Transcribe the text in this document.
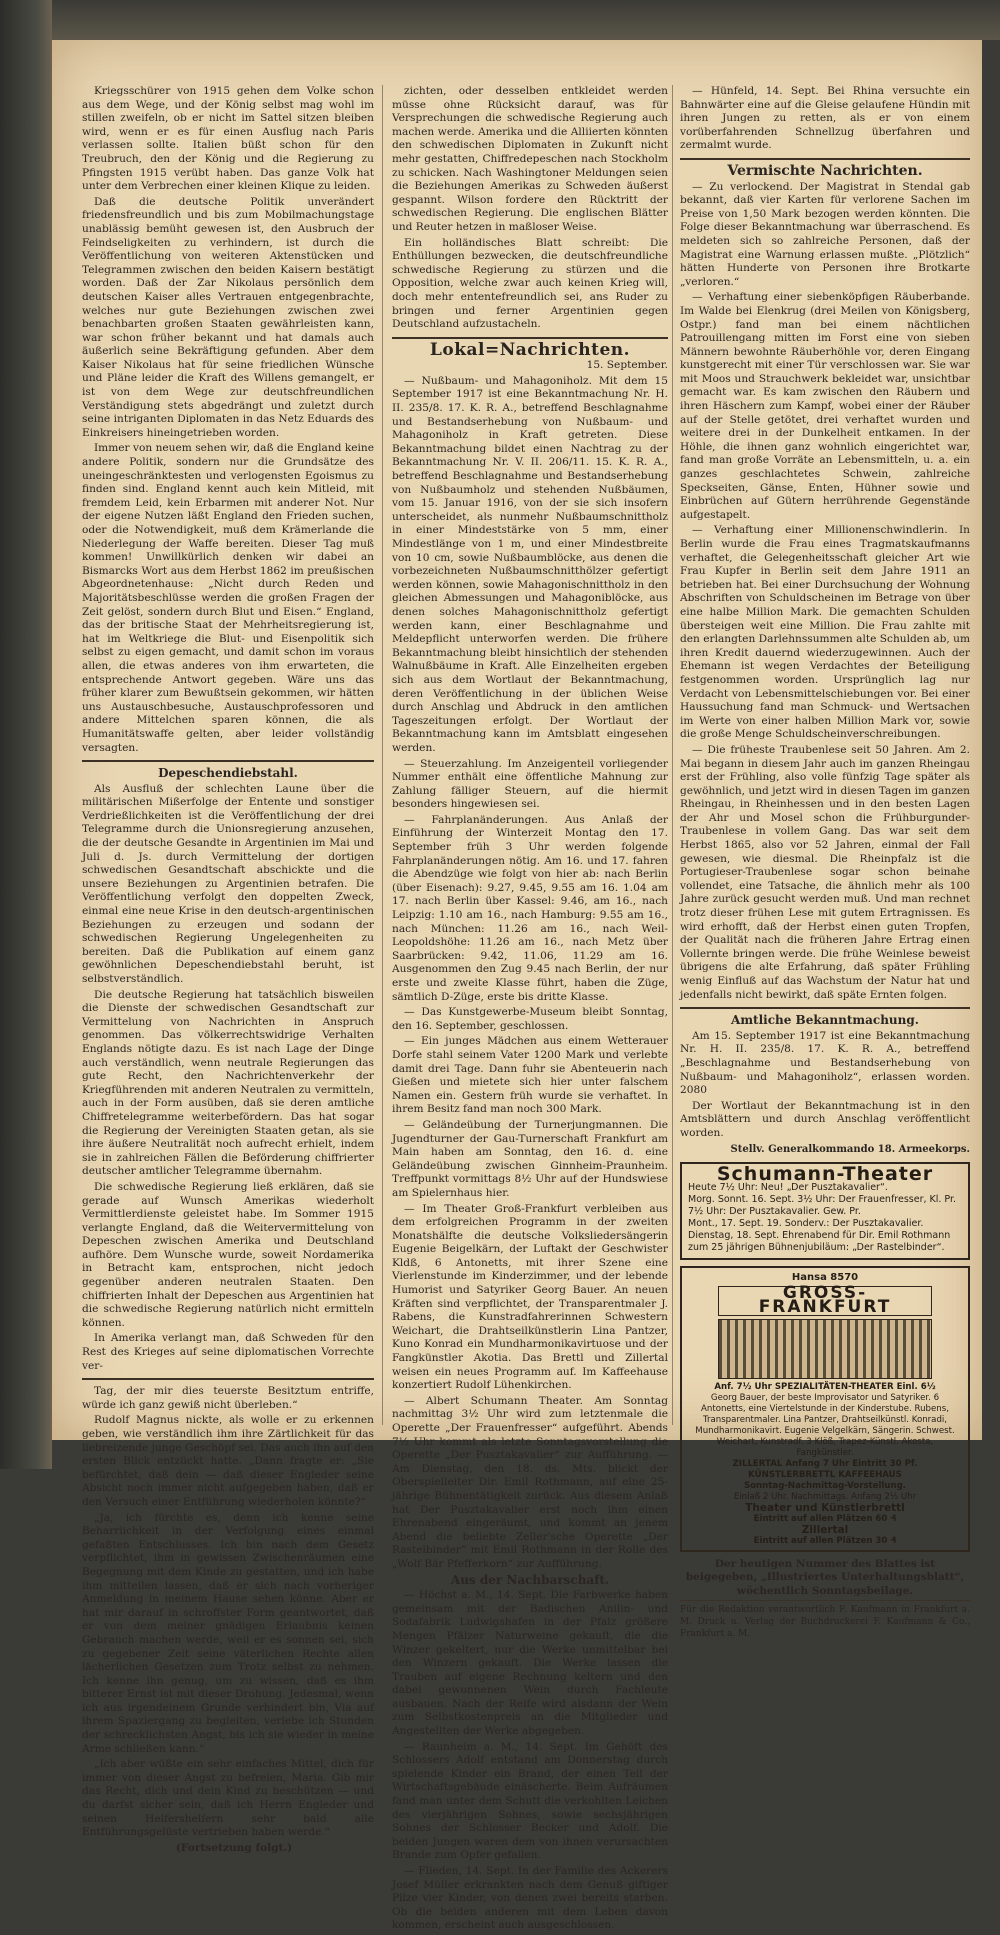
Kriegsschürer von 1915 gehen dem Volke schon aus dem Wege, und der König selbst mag wohl im stillen zweifeln, ob er nicht im Sattel sitzen bleiben wird, wenn er es für einen Ausflug nach Paris verlassen sollte. Italien büßt schon für den Treubruch, den der König und die Regierung zu Pfingsten 1915 verübt haben. Das ganze Volk hat unter dem Verbrechen einer kleinen Klique zu leiden.

Daß die deutsche Politik unverändert friedensfreundlich und bis zum Mobilmachungstage unablässig bemüht gewesen ist, den Ausbruch der Feindseligkeiten zu verhindern, ist durch die Veröffentlichung von weiteren Aktenstücken und Telegrammen zwischen den beiden Kaisern bestätigt worden. Daß der Zar Nikolaus persönlich dem deutschen Kaiser alles Vertrauen entgegenbrachte, welches nur gute Beziehungen zwischen zwei benachbarten großen Staaten gewährleisten kann, war schon früher bekannt und hat damals auch äußerlich seine Bekräftigung gefunden. Aber dem Kaiser Nikolaus hat für seine friedlichen Wünsche und Pläne leider die Kraft des Willens gemangelt, er ist von dem Wege zur deutschfreundlichen Verständigung stets abgedrängt und zuletzt durch seine intriganten Diplomaten in das Netz Eduards des Einkreisers hineingetrieben worden.

Immer von neuem sehen wir, daß die England keine andere Politik, sondern nur die Grundsätze des uneingeschränktesten und verlogensten Egoismus zu finden sind. England kennt auch kein Mitleid, mit fremdem Leid, kein Erbarmen mit anderer Not. Nur der eigene Nutzen läßt England den Frieden suchen, oder die Notwendigkeit, muß dem Krämerlande die Niederlegung der Waffe bereiten. Dieser Tag muß kommen! Unwillkürlich denken wir dabei an Bismarcks Wort aus dem Herbst 1862 im preußischen Abgeordnetenhause: „Nicht durch Reden und Majoritätsbeschlüsse werden die großen Fragen der Zeit gelöst, sondern durch Blut und Eisen.“ England, das der britische Staat der Mehrheitsregierung ist, hat im Weltkriege die Blut- und Eisenpolitik sich selbst zu eigen gemacht, und damit schon im voraus allen, die etwas anderes von ihm erwarteten, die entsprechende Antwort gegeben. Wäre uns das früher klarer zum Bewußtsein gekommen, wir hätten uns Austauschbesuche, Austauschprofessoren und andere Mittelchen sparen können, die als Humanitätswaffe gelten, aber leider vollständig versagten.

Depeschendiebstahl.

Als Ausfluß der schlechten Laune über die militärischen Mißerfolge der Entente und sonstiger Verdrießlichkeiten ist die Veröffentlichung der drei Telegramme durch die Unionsregierung anzusehen, die der deutsche Gesandte in Argentinien im Mai und Juli d. Js. durch Vermittelung der dortigen schwedischen Gesandtschaft abschickte und die unsere Beziehungen zu Argentinien betrafen. Die Veröffentlichung verfolgt den doppelten Zweck, einmal eine neue Krise in den deutsch-argentinischen Beziehungen zu erzeugen und sodann der schwedischen Regierung Ungelegenheiten zu bereiten. Daß die Publikation auf einem ganz gewöhnlichen Depeschendiebstahl beruht, ist selbstverständlich.

Die deutsche Regierung hat tatsächlich bisweilen die Dienste der schwedischen Gesandtschaft zur Vermittelung von Nachrichten in Anspruch genommen. Das völkerrechtswidrige Verhalten Englands nötigte dazu. Es ist nach Lage der Dinge auch verständlich, wenn neutrale Regierungen das gute Recht, den Nachrichtenverkehr der Kriegführenden mit anderen Neutralen zu vermitteln, auch in der Form ausüben, daß sie deren amtliche Chiffretelegramme weiterbefördern. Das hat sogar die Regierung der Vereinigten Staaten getan, als sie ihre äußere Neutralität noch aufrecht erhielt, indem sie in zahlreichen Fällen die Beförderung chiffrierter deutscher amtlicher Telegramme übernahm.

Die schwedische Regierung ließ erklären, daß sie gerade auf Wunsch Amerikas wiederholt Vermittlerdienste geleistet habe. Im Sommer 1915 verlangte England, daß die Weitervermittelung von Depeschen zwischen Amerika und Deutschland aufhöre. Dem Wunsche wurde, soweit Nordamerika in Betracht kam, entsprochen, nicht jedoch gegenüber anderen neutralen Staaten. Den chiffrierten Inhalt der Depeschen aus Argentinien hat die schwedische Regierung natürlich nicht ermitteln können.

In Amerika verlangt man, daß Schweden für den Rest des Krieges auf seine diplomatischen Vorrechte ver-

Tag, der mir dies teuerste Besitztum entriffe, würde ich ganz gewiß nicht überleben.“

Rudolf Magnus nickte, als wolle er zu erkennen geben, wie verständlich ihm ihre Zärtlichkeit für das liebreizende junge Geschöpf sei. Das auch ihn auf den ersten Blick entzückt hatte. „Dann fragte er: „Sie befürchtet, daß dein — daß dieser Engleder seine Absicht noch immer nicht aufgegeben haben, daß er den Versuch einer Entführung wiederholen könnte?“

„Ja, ich fürchte es, denn ich kenne seine Beharrlichkeit in der Verfolgung eines einmal gefaßten Entschlusses. Ich bin nach dem Gesetz verpflichtet, ihm in gewissen Zwischenräumen eine Begegnung mit dem Kinde zu gestatten, und ich habe ihm mitteilen lassen, daß er sich nach vorheriger Anmeldung in meinem Hause sehen könne. Aber er hat mir darauf in schroffster Form geantwortet, daß er von dem meiner gnädigen Erlaubnis keinen Gebrauch machen werde, weil er es sonnen sei, sich zu gegebener Zeit seine väterlichen Rechte allen lächerlichen Gesetzen zum Trotz selbst zu nehmen. Ich kenne ihn genug, um zu wissen, daß es ihm bitterer Ernst ist mit dieser Drohung. Jedesmal, wenn ich aus irgendeinem Grunde verhindert bin, Via auf ihrem Spaziergang zu begleiten, verlebe ich Stunden der schrecklichsten Angst, bis ich sie wieder in meine Arme schließen kann.“

„Ich aber wüßte ein sehr einfaches Mittel, dich für immer von dieser Angst zu befreien, Maria. Gib mir das Recht, dich und dein Kind zu beschützen — und du darfst sicher sein, daß ich Herrn Engleder und seinen Helfershelfern sehr bald alle Entführungsgelüste vertrieben haben werde.“

(Fortsetzung folgt.)

zichten, oder desselben entkleidet werden müsse ohne Rücksicht darauf, was für Versprechungen die schwedische Regierung auch machen werde. Amerika und die Alliierten könnten den schwedischen Diplomaten in Zukunft nicht mehr gestatten, Chiffredepeschen nach Stockholm zu schicken. Nach Washingtoner Meldungen seien die Beziehungen Amerikas zu Schweden äußerst gespannt. Wilson fordere den Rücktritt der schwedischen Regierung. Die englischen Blätter und Reuter hetzen in maßloser Weise.

Ein holländisches Blatt schreibt: Die Enthüllungen bezwecken, die deutschfreundliche schwedische Regierung zu stürzen und die Opposition, welche zwar auch keinen Krieg will, doch mehr ententefreundlich sei, ans Ruder zu bringen und ferner Argentinien gegen Deutschland aufzustacheln.

Lokal=Nachrichten.

15. September.

— Nußbaum- und Mahagoniholz. Mit dem 15 September 1917 ist eine Bekanntmachung Nr. H. II. 235/8. 17. K. R. A., betreffend Beschlagnahme und Bestandserhebung von Nußbaum- und Mahagoniholz in Kraft getreten. Diese Bekanntmachung bildet einen Nachtrag zu der Bekanntmachung Nr. V. II. 206/11. 15. K. R. A., betreffend Beschlagnahme und Bestandserhebung von Nußbaumholz und stehenden Nußbäumen, vom 15. Januar 1916, von der sie sich insofern unterscheidet, als nunmehr Nußbaumschnittholz in einer Mindeststärke von 5 mm, einer Mindestlänge von 1 m, und einer Mindestbreite von 10 cm, sowie Nußbaumblöcke, aus denen die vorbezeichneten Nußbaumschnitthölzer gefertigt werden können, sowie Mahagonischnittholz in den gleichen Abmessungen und Mahagoniblöcke, aus denen solches Mahagonischnittholz gefertigt werden kann, einer Beschlagnahme und Meldepflicht unterworfen werden. Die frühere Bekanntmachung bleibt hinsichtlich der stehenden Walnußbäume in Kraft. Alle Einzelheiten ergeben sich aus dem Wortlaut der Bekanntmachung, deren Veröffentlichung in der üblichen Weise durch Anschlag und Abdruck in den amtlichen Tageszeitungen erfolgt. Der Wortlaut der Bekanntmachung kann im Amtsblatt eingesehen werden.

— Steuerzahlung. Im Anzeigenteil vorliegender Nummer enthält eine öffentliche Mahnung zur Zahlung fälliger Steuern, auf die hiermit besonders hingewiesen sei.

— Fahrplanänderungen. Aus Anlaß der Einführung der Winterzeit Montag den 17. September früh 3 Uhr werden folgende Fahrplanänderungen nötig. Am 16. und 17. fahren die Abendzüge wie folgt von hier ab: nach Berlin (über Eisenach): 9.27, 9.45, 9.55 am 16. 1.04 am 17. nach Berlin über Kassel: 9.46, am 16., nach Leipzig: 1.10 am 16., nach Hamburg: 9.55 am 16., nach München: 11.26 am 16., nach Weil-Leopoldshöhe: 11.26 am 16., nach Metz über Saarbrücken: 9.42, 11.06, 11.29 am 16. Ausgenommen den Zug 9.45 nach Berlin, der nur erste und zweite Klasse führt, haben die Züge, sämtlich D-Züge, erste bis dritte Klasse.

— Das Kunstgewerbe-Museum bleibt Sonntag, den 16. September, geschlossen.

— Ein junges Mädchen aus einem Wetterauer Dorfe stahl seinem Vater 1200 Mark und verlebte damit drei Tage. Dann fuhr sie Abenteuerin nach Gießen und mietete sich hier unter falschem Namen ein. Gestern früh wurde sie verhaftet. In ihrem Besitz fand man noch 300 Mark.

— Geländeübung der Turnerjungmannen. Die Jugendturner der Gau-Turnerschaft Frankfurt am Main haben am Sonntag, den 16. d. eine Geländeübung zwischen Ginnheim-Praunheim. Treffpunkt vormittags 8½ Uhr auf der Hundswiese am Spielernhaus hier.

— Im Theater Groß-Frankfurt verbleiben aus dem erfolgreichen Programm in der zweiten Monatshälfte die deutsche Volksliedersängerin Eugenie Beigelkärn, der Luftakt der Geschwister Kldß, 6 Antonetts, mit ihrer Szene eine Vierlenstunde im Kinderzimmer, und der lebende Humorist und Satyriker Georg Bauer. An neuen Kräften sind verpflichtet, der Transparentmaler J. Rabens, die Kunstradfahrerinnen Schwestern Weichart, die Drahtseilkünstlerin Lina Pantzer, Kuno Konrad ein Mundharmonikavirtuose und der Fangkünstler Akotia. Das Brettl und Zillertal weisen ein neues Programm auf. Im Kaffeehause konzertiert Rudolf Lühenkirchen.

— Albert Schumann Theater. Am Sonntag nachmittag 3½ Uhr wird zum letztenmale die Operette „Der Frauenfresser“ aufgeführt. Abends 7½ Uhr kommt als letzte Sonntagsvorstellung die Operette „Der Pusztakavalier“ zur Aufführung. — Am Dienstag, den 18. ds. Mts. blickt der Oberspielleiter Dir. Emil Rothmann, auf eine 25-jährige Bühnentätigkeit zurück. Aus diesem Anlaß hat Der Pusztakavalier erst noch ihm einen Ehrenabend eingeräumt, und kommt an jenem Abend die beliebte Zeller'sche Operette „Der Rastelbinder“ mit Emil Rothmann in der Rolle des „Wolf Bär Pfefferkorn“ zur Aufführung.

Aus der Nachbarschaft.

— Höchst a. M., 14. Sept. Die Farbwerke haben gemeinsam mit der Badischen Anilin- und Sodafabrik Ludwigshafen in der Pfalz größere Mengen Pfälzer Naturweine gekauft, die die Winzer gekeltert, nur die Werke unmittelbar bei den Winzern gekauft. Die Werke lassen die Trauben auf eigene Rechnung keltern und den dabei gewonnenen Wein durch Fachleute ausbauen. Nach der Reife wird alsdann der Wein zum Selbstkostenpreis an die Mitglieder und Angestellten der Werke abgegeben.

— Raunheim a. M., 14. Sept. Im Gehöft des Schlossers Adolf entstand am Donnerstag durch spielende Kinder ein Brand, der einen Teil der Wirtschaftsgebäude einäscherte. Beim Aufräumen fand man unter dem Schutt die verkohlten Leichen des vierjährigen Sohnes, sowie sechsjährigen Sohnes der Schlosser Becker und Adolf. Die beiden Jungen waren dem von ihnen verursachten Brande zum Opfer gefallen.

— Flieden, 14. Sept. In der Familie des Ackerers Josef Müller erkrankten nach dem Genuß giftiger Pilze vier Kinder, von denen zwei bereits starben. Ob die beiden anderen mit dem Leben davon kommen, erscheint auch ausgeschlossen.

— Hünfeld, 14. Sept. Bei Rhina versuchte ein Bahnwärter eine auf die Gleise gelaufene Hündin mit ihren Jungen zu retten, als er von einem vorüberfahrenden Schnellzug überfahren und zermalmt wurde.

Vermischte Nachrichten.

— Zu verlockend. Der Magistrat in Stendal gab bekannt, daß vier Karten für verlorene Sachen im Preise von 1,50 Mark bezogen werden könnten. Die Folge dieser Bekanntmachung war überraschend. Es meldeten sich so zahlreiche Personen, daß der Magistrat eine Warnung erlassen mußte. „Plötzlich“ hätten Hunderte von Personen ihre Brotkarte „verloren.“

— Verhaftung einer siebenköpfigen Räuberbande. Im Walde bei Elenkrug (drei Meilen von Königsberg, Ostpr.) fand man bei einem nächtlichen Patrouillengang mitten im Forst eine von sieben Männern bewohnte Räuberhöhle vor, deren Eingang kunstgerecht mit einer Tür verschlossen war. Sie war mit Moos und Strauchwerk bekleidet war, unsichtbar gemacht war. Es kam zwischen den Räubern und ihren Häschern zum Kampf, wobei einer der Räuber auf der Stelle getötet, drei verhaftet wurden und weitere drei in der Dunkelheit entkamen. In der Höhle, die ihnen ganz wohnlich eingerichtet war, fand man große Vorräte an Lebensmitteln, u. a. ein ganzes geschlachtetes Schwein, zahlreiche Speckseiten, Gänse, Enten, Hühner sowie und Einbrüchen auf Gütern herrührende Gegenstände aufgestapelt.

— Verhaftung einer Millionenschwindlerin. In Berlin wurde die Frau eines Tragmatskaufmanns verhaftet, die Gelegenheitsschaft gleicher Art wie Frau Kupfer in Berlin seit dem Jahre 1911 an betrieben hat. Bei einer Durchsuchung der Wohnung Abschriften von Schuldscheinen im Betrage von über eine halbe Million Mark. Die gemachten Schulden übersteigen weit eine Million. Die Frau zahlte mit den erlangten Darlehnssummen alte Schulden ab, um ihren Kredit dauernd wiederzugewinnen. Auch der Ehemann ist wegen Verdachtes der Beteiligung festgenommen worden. Ursprünglich lag nur Verdacht von Lebensmittelschiebungen vor. Bei einer Haussuchung fand man Schmuck- und Wertsachen im Werte von einer halben Million Mark vor, sowie die große Menge Schuldscheinverschreibungen.

— Die früheste Traubenlese seit 50 Jahren. Am 2. Mai begann in diesem Jahr auch im ganzen Rheingau erst der Frühling, also volle fünfzig Tage später als gewöhnlich, und jetzt wird in diesen Tagen im ganzen Rheingau, in Rheinhessen und in den besten Lagen der Ahr und Mosel schon die Frühburgunder-Traubenlese in vollem Gang. Das war seit dem Herbst 1865, also vor 52 Jahren, einmal der Fall gewesen, wie diesmal. Die Rheinpfalz ist die Portugieser-Traubenlese sogar schon beinahe vollendet, eine Tatsache, die ähnlich mehr als 100 Jahre zurück gesucht werden muß. Und man rechnet trotz dieser frühen Lese mit gutem Ertragnissen. Es wird erhofft, daß der Herbst einen guten Tropfen, der Qualität nach die früheren Jahre Ertrag einen Vollernte bringen werde. Die frühe Weinlese beweist übrigens die alte Erfahrung, daß später Frühling wenig Einfluß auf das Wachstum der Natur hat und jedenfalls nicht bewirkt, daß späte Ernten folgen.

Amtliche Bekanntmachung.

Am 15. September 1917 ist eine Bekanntmachung Nr. H. II. 235/8. 17. K. R. A., betreffend „Beschlagnahme und Bestandserhebung von Nußbaum- und Mahagoniholz“, erlassen worden. 2080

Der Wortlaut der Bekanntmachung ist in den Amtsblättern und durch Anschlag veröffentlicht worden.

Stellv. Generalkommando 18. Armeekorps.

Schumann-Theater
Heute 7½ Uhr: Neu! „Der Pusztakavalier“.
Morg. Sonnt. 16. Sept. 3½ Uhr: Der Frauenfresser, Kl. Pr. 7½ Uhr: Der Pusztakavalier. Gew. Pr.
Mont., 17. Sept. 19. Sonderv.: Der Pusztakavalier.
Dienstag, 18. Sept. Ehrenabend für Dir. Emil Rothmann zum 25 jährigen Bühnenjubiläum: „Der Rastelbinder“.
Hansa 8570
GROSS-FRANKFURT
Anf. 7½ Uhr SPEZIALITÄTEN-THEATER Einl. 6½
Georg Bauer, der beste Improvisator und Satyriker. 6 Antonetts, eine Viertelstunde in der Kinderstube. Rubens, Transparentmaler. Lina Pantzer, Drahtseilkünstl. Konradi, Mundharmonikavirt. Eugenie Velgelkärn, Sängerin. Schwest. Weichart, Kunstradf. 3 Klöß, Trapez-Künstl. Akosta, Fangkünstler.
ZILLERTAL Anfang 7 Uhr Eintritt 30 Pf.
KÜNSTLERBRETTL KAFFEEHAUS
Sonntag-Nachmittag-Vorstellung.
Einlaß 2 Uhr. Nachmittags. Anfang 2½ Uhr
Theater und Künstlerbrettl
Eintritt auf allen Plätzen 60 ₰
Zillertal
Eintritt auf allen Plätzen 30 ₰

Der heutigen Nummer des Blattes ist beigegeben, „Illustriertes Unterhaltungsblatt“, wöchentlich Sonntagsbeilage.

Für die Redaktion verantwortlich F. Kaufmann in Frankfurt a. M. Druck u. Verlag der Buchdruckerei F. Kaufmann & Co., Frankfurt a. M.
